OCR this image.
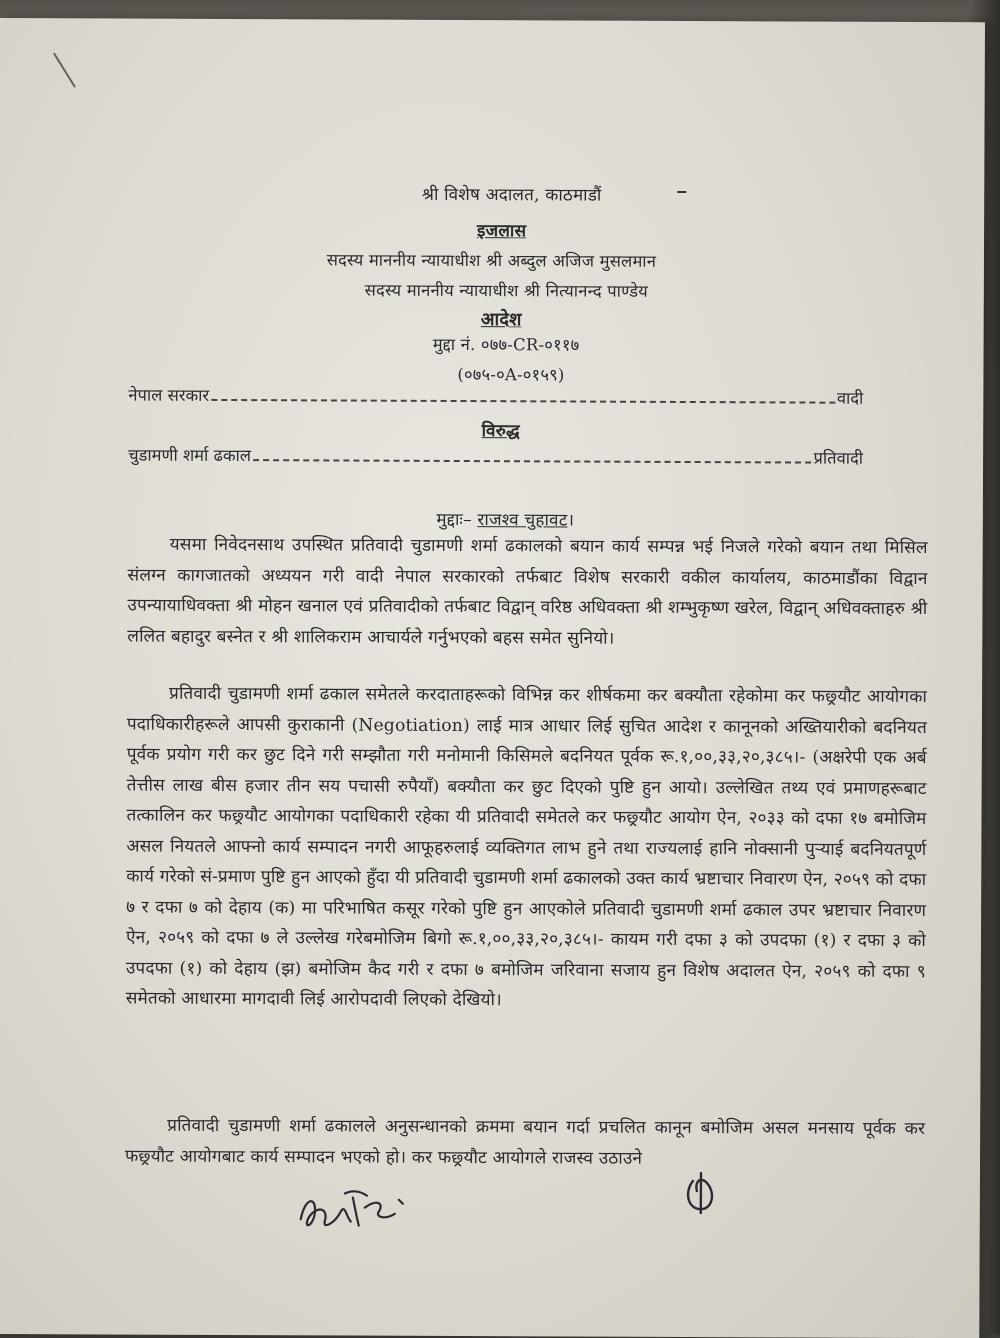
श्री विशेष अदालत, काठमाडौं
इजलास
सदस्य माननीय न्यायाधीश श्री अब्दुल अजिज मुसलमान
सदस्य माननीय न्यायाधीश श्री नित्यानन्द पाण्डेय
आदेश
मुद्दा नं. ०७७-CR-०११७
(०७५-०A-०१५९)
नेपाल सरकार	वादी
विरुद्ध
चुडामणी शर्मा ढकाल	प्रतिवादी
मुद्दाः– राजश्व चुहावट।

यसमा निवेदनसाथ उपस्थित प्रतिवादी चुडामणी शर्मा ढकालको बयान कार्य सम्पन्न भई निजले गरेको बयान तथा मिसिल संलग्न कागजातको अध्ययन गरी वादी नेपाल सरकारको तर्फबाट विशेष सरकारी वकील कार्यालय, काठमाडौंका विद्वान उपन्यायाधिवक्ता श्री मोहन खनाल एवं प्रतिवादीको तर्फबाट विद्वान् वरिष्ठ अधिवक्ता श्री शम्भुकृष्ण खरेल, विद्वान् अधिवक्ताहरु श्री ललित बहादुर बस्नेत र श्री शालिकराम आचार्यले गर्नुभएको बहस समेत सुनियो।

प्रतिवादी चुडामणी शर्मा ढकाल समेतले करदाताहरूको विभिन्न कर शीर्षकमा कर बक्यौता रहेकोमा कर फछ्र्यौट आयोगका पदाधिकारीहरूले आपसी कुराकानी (Negotiation) लाई मात्र आधार लिई सुचित आदेश र कानूनको अख्तियारीको बदनियत पूर्वक प्रयोग गरी कर छुट दिने गरी सम्झौता गरी मनोमानी किसिमले बदनियत पूर्वक रू.१,००,३३,२०,३८५।- (अक्षरेपी एक अर्ब तेत्तीस लाख बीस हजार तीन सय पचासी रुपैयाँ) बक्यौता कर छुट दिएको पुष्टि हुन आयो। उल्लेखित तथ्य एवं प्रमाणहरूबाट तत्कालिन कर फछ्र्यौट आयोगका पदाधिकारी रहेका यी प्रतिवादी समेतले कर फछ्र्यौट आयोग ऐन, २०३३ को दफा १७ बमोजिम असल नियतले आफ्नो कार्य सम्पादन नगरी आफूहरुलाई व्यक्तिगत लाभ हुने तथा राज्यलाई हानि नोक्सानी पुऱ्याई बदनियतपूर्ण कार्य गरेको सं-प्रमाण पुष्टि हुन आएको हुँदा यी प्रतिवादी चुडामणी शर्मा ढकालको उक्त कार्य भ्रष्टाचार निवारण ऐन, २०५९ को दफा ७ र दफा ७ को देहाय (क) मा परिभाषित कसूर गरेको पुष्टि हुन आएकोले प्रतिवादी चुडामणी शर्मा ढकाल उपर भ्रष्टाचार निवारण ऐन, २०५९ को दफा ७ ले उल्लेख गरेबमोजिम बिगो रू.१,००,३३,२०,३८५।- कायम गरी दफा ३ को उपदफा (१) र दफा ३ को उपदफा (१) को देहाय (झ) बमोजिम कैद गरी र दफा ७ बमोजिम जरिवाना सजाय हुन विशेष अदालत ऐन, २०५९ को दफा ९ समेतको आधारमा मागदावी लिई आरोपदावी लिएको देखियो।

प्रतिवादी चुडामणी शर्मा ढकालले अनुसन्धानको क्रममा बयान गर्दा प्रचलित कानून बमोजिम असल मनसाय पूर्वक कर फछ्र्यौट आयोगबाट कार्य सम्पादन भएको हो। कर फछ्र्यौट आयोगले राजस्व उठाउने
